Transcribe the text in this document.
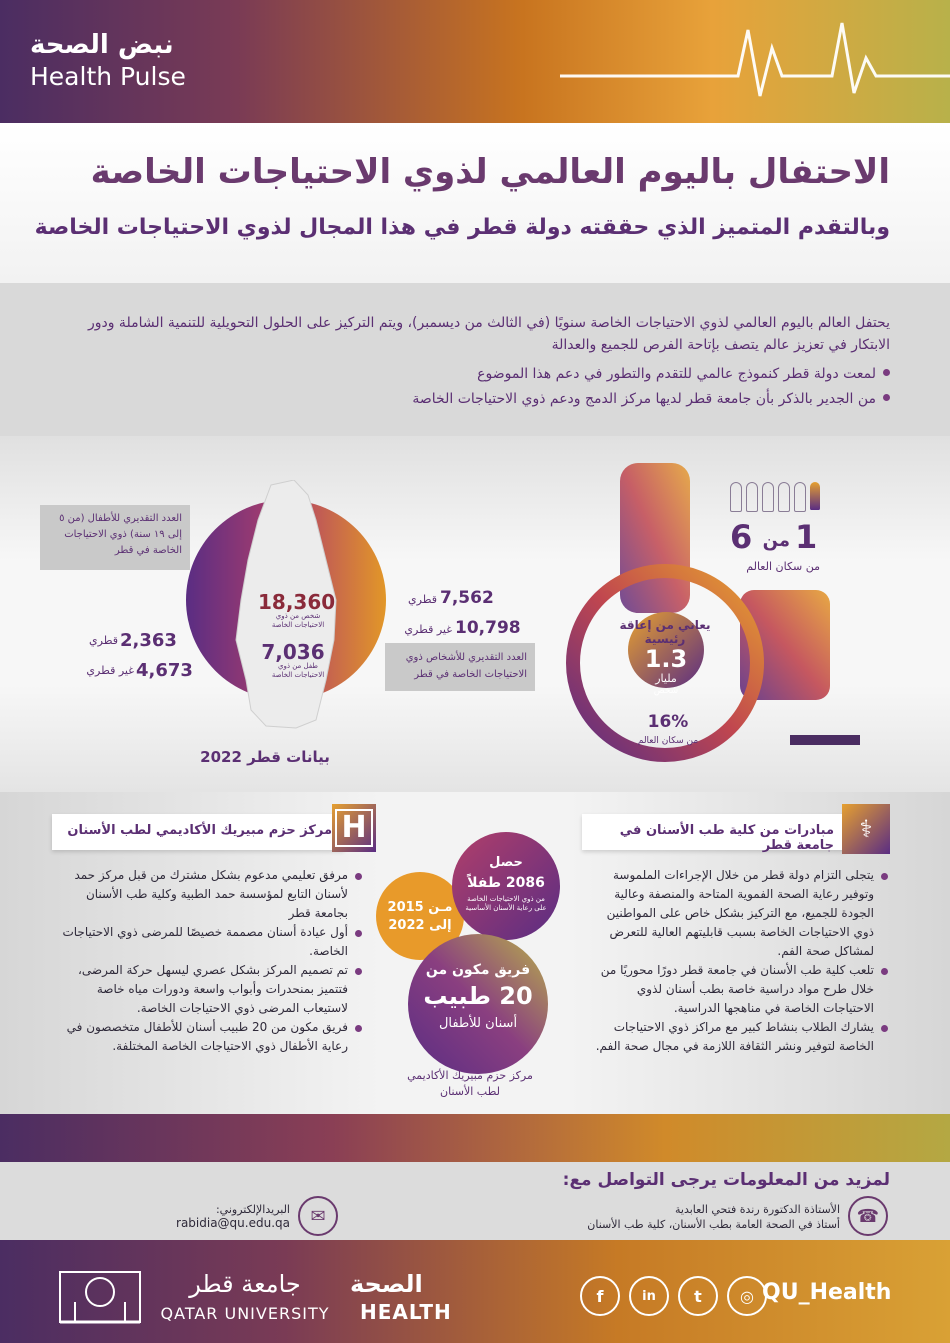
نبض الصحة
Health Pulse
الاحتفال باليوم العالمي لذوي الاحتياجات الخاصة
وبالتقدم المتميز الذي حققته دولة قطر في هذا المجال لذوي الاحتياجات الخاصة
يحتفل العالم باليوم العالمي لذوي الاحتياجات الخاصة سنويًا (في الثالث من ديسمبر)، ويتم التركيز على الحلول التحويلية للتنمية الشاملة ودور الابتكار في تعزيز عالم يتصف بإتاحة الفرص للجميع والعدالة
لمعت دولة قطر كنموذج عالمي للتقدم والتطور في دعم هذا الموضوع
من الجدير بالذكر بأن جامعة قطر لديها مركز الدمج ودعم ذوي الاحتياجات الخاصة
18,360
شخص من ذوي الاحتياجات الخاصة
7,036
طفل من ذوي الاحتياجات الخاصة
العدد التقديري للأطفال (من ٥ إلى ١٩ سنة) ذوي الاحتياجات الخاصة في قطر
2,363
قطري
4,673
غير قطري
7,562
قطري
10,798
غير قطري
العدد التقديري للأشخاص ذوي الاحتياجات الخاصة في قطر
بيانات قطر 2022
يعاني من إعاقة رئيسية
1.3
مليار
شخص
16%
من سكان العالم
1
من
6
من سكان العالم
مركز حزم مبيريك الأكاديمي لطب الأسنان H
مرفق تعليمي مدعوم بشكل مشترك من قبل مركز حمد لأسنان التابع لمؤسسة حمد الطبية وكلية طب الأسنان بجامعة قطر
أول عيادة أسنان مصممة خصيصًا للمرضى ذوي الاحتياجات الخاصة.
تم تصميم المركز بشكل عصري ليسهل حركة المرضى، فتتميز بمنحدرات وأبواب واسعة ودورات مياه خاصة لاستيعاب المرضى ذوي الاحتياجات الخاصة.
فريق مكون من 20 طبيب أسنان للأطفال متخصصون في رعاية الأطفال ذوي الاحتياجات الخاصة المختلفة.
مـن 2015
إلى 2022
حصل
2086 طفلاً
من ذوي الاحتياجات الخاصة على رعاية الأسنان الأساسية
فريق مكون من
20 طبيب
أسنان للأطفال
مركز حزم مبيريك الأكاديمي لطب الأسنان
مبادرات من كلية طب الأسنان في جامعة قطر
⚕
يتجلى التزام دولة قطر من خلال الإجراءات الملموسة وتوفير رعاية الصحة الفموية المتاحة والمنصفة وعالية الجودة للجميع، مع التركيز بشكل خاص على المواطنين ذوي الاحتياجات الخاصة بسبب قابليتهم العالية للتعرض لمشاكل صحة الفم.
تلعب كلية طب الأسنان في جامعة قطر دورًا محوريًا من خلال طرح مواد دراسية خاصة بطب أسنان لذوي الاحتياجات الخاصة في مناهجها الدراسية.
يشارك الطلاب بنشاط كبير مع مراكز ذوي الاحتياجات الخاصة لتوفير ونشر الثقافة اللازمة في مجال صحة الفم.
لمزيد من المعلومات يرجى التواصل مع:
☎
الأستاذة الدكتورة رندة فتحي العابدية
أستاذ في الصحة العامة بطب الأسنان، كلية طب الأسنان
✉
البريدالإلكتروني:
rabidia@qu.edu.qa
QU_Health
f	in	t	◎
الصحة
HEALTH
جامعة قطر
QATAR UNIVERSITY
